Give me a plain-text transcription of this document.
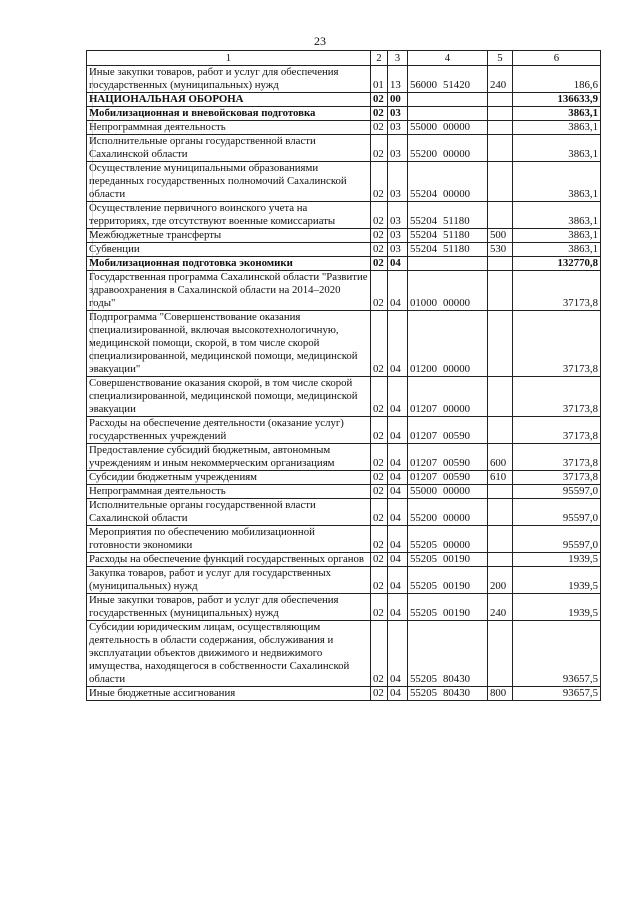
23
1	2	3	4	5	6
Иные закупки товаров, работ и услуг для обеспечения государственных (муниципальных) нужд	01	13	56000 51420	240	186,6
НАЦИОНАЛЬНАЯ ОБОРОНА	02	00			136633,9
Мобилизационная и вневойсковая подготовка	02	03			3863,1
Непрограммная деятельность	02	03	55000 00000		3863,1
Исполнительные органы государственной власти Сахалинской области	02	03	55200 00000		3863,1
Осуществление муниципальными образованиями переданных государственных полномочий Сахалинской области	02	03	55204 00000		3863,1
Осуществление первичного воинского учета на территориях, где отсутствуют военные комиссариаты	02	03	55204 51180		3863,1
Межбюджетные трансферты	02	03	55204 51180	500	3863,1
Субвенции	02	03	55204 51180	530	3863,1
Мобилизационная подготовка экономики	02	04			132770,8
Государственная программа Сахалинской области "Развитие здравоохранения в Сахалинской области на 2014–2020 годы"	02	04	01000 00000		37173,8
Подпрограмма "Совершенствование оказания специализированной, включая высокотехнологичную, медицинской помощи, скорой, в том числе скорой специализированной, медицинской помощи, медицинской эвакуации"	02	04	01200 00000		37173,8
Совершенствование оказания скорой, в том числе скорой специализированной, медицинской помощи, медицинской эвакуации	02	04	01207 00000		37173,8
Расходы на обеспечение деятельности (оказание услуг) государственных учреждений	02	04	01207 00590		37173,8
Предоставление субсидий бюджетным, автономным учреждениям и иным некоммерческим организациям	02	04	01207 00590	600	37173,8
Субсидии бюджетным учреждениям	02	04	01207 00590	610	37173,8
Непрограммная деятельность	02	04	55000 00000		95597,0
Исполнительные органы государственной власти Сахалинской области	02	04	55200 00000		95597,0
Мероприятия по обеспечению мобилизационной готовности экономики	02	04	55205 00000		95597,0
Расходы на обеспечение функций государственных органов	02	04	55205 00190		1939,5
Закупка товаров, работ и услуг для государственных (муниципальных) нужд	02	04	55205 00190	200	1939,5
Иные закупки товаров, работ и услуг для обеспечения государственных (муниципальных) нужд	02	04	55205 00190	240	1939,5
Субсидии юридическим лицам, осуществляющим деятельность в области содержания, обслуживания и эксплуатации объектов движимого и недвижимого имущества, находящегося в собственности Сахалинской области	02	04	55205 80430		93657,5
Иные бюджетные ассигнования	02	04	55205 80430	800	93657,5
